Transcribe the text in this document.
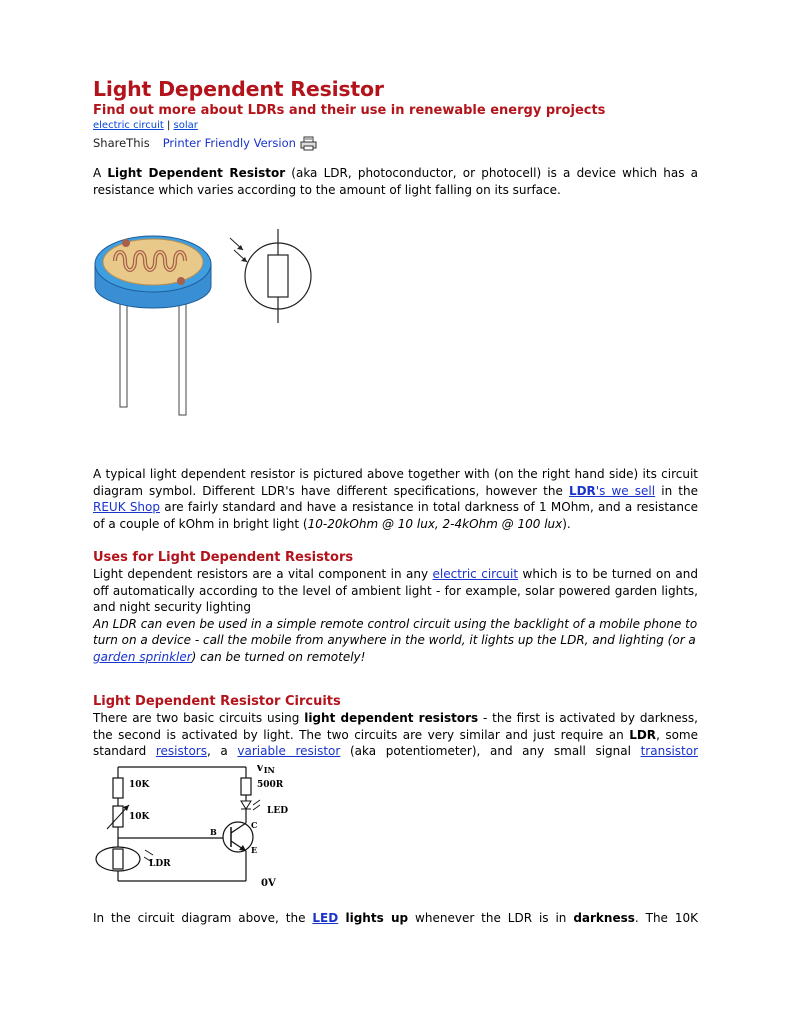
Light Dependent Resistor
Find out more about LDRs and their use in renewable energy projects
electric circuit | solar
ShareThis Printer Friendly Version

A Light Dependent Resistor (aka LDR, photoconductor, or photocell) is a device which has a resistance which varies according to the amount of light falling on its surface.

A typical light dependent resistor is pictured above together with (on the right hand side) its circuit diagram symbol. Different LDR's have different specifications, however the LDR's we sell in the REUK Shop are fairly standard and have a resistance in total darkness of 1 MOhm, and a resistance of a couple of kOhm in bright light (10-20kOhm @ 10 lux, 2-4kOhm @ 100 lux).

Uses for Light Dependent Resistors

Light dependent resistors are a vital component in any electric circuit which is to be turned on and off automatically according to the level of ambient light - for example, solar powered garden lights, and night security lighting

An LDR can even be used in a simple remote control circuit using the backlight of a mobile phone to turn on a device - call the mobile from anywhere in the world, it lights up the LDR, and lighting (or a garden sprinkler) can be turned on remotely!

Light Dependent Resistor Circuits

There are two basic circuits using light dependent resistors - the first is activated by darkness, the second is activated by light. The two circuits are very similar and just require an LDR, some standard resistors, a variable resistor (aka potentiometer), and any small signal transistor

10K
10K
$V_{IN}$
500R
LED
C
B
E
LDR
0V

In the circuit diagram above, the LED lights up whenever the LDR is in darkness. The 10K
